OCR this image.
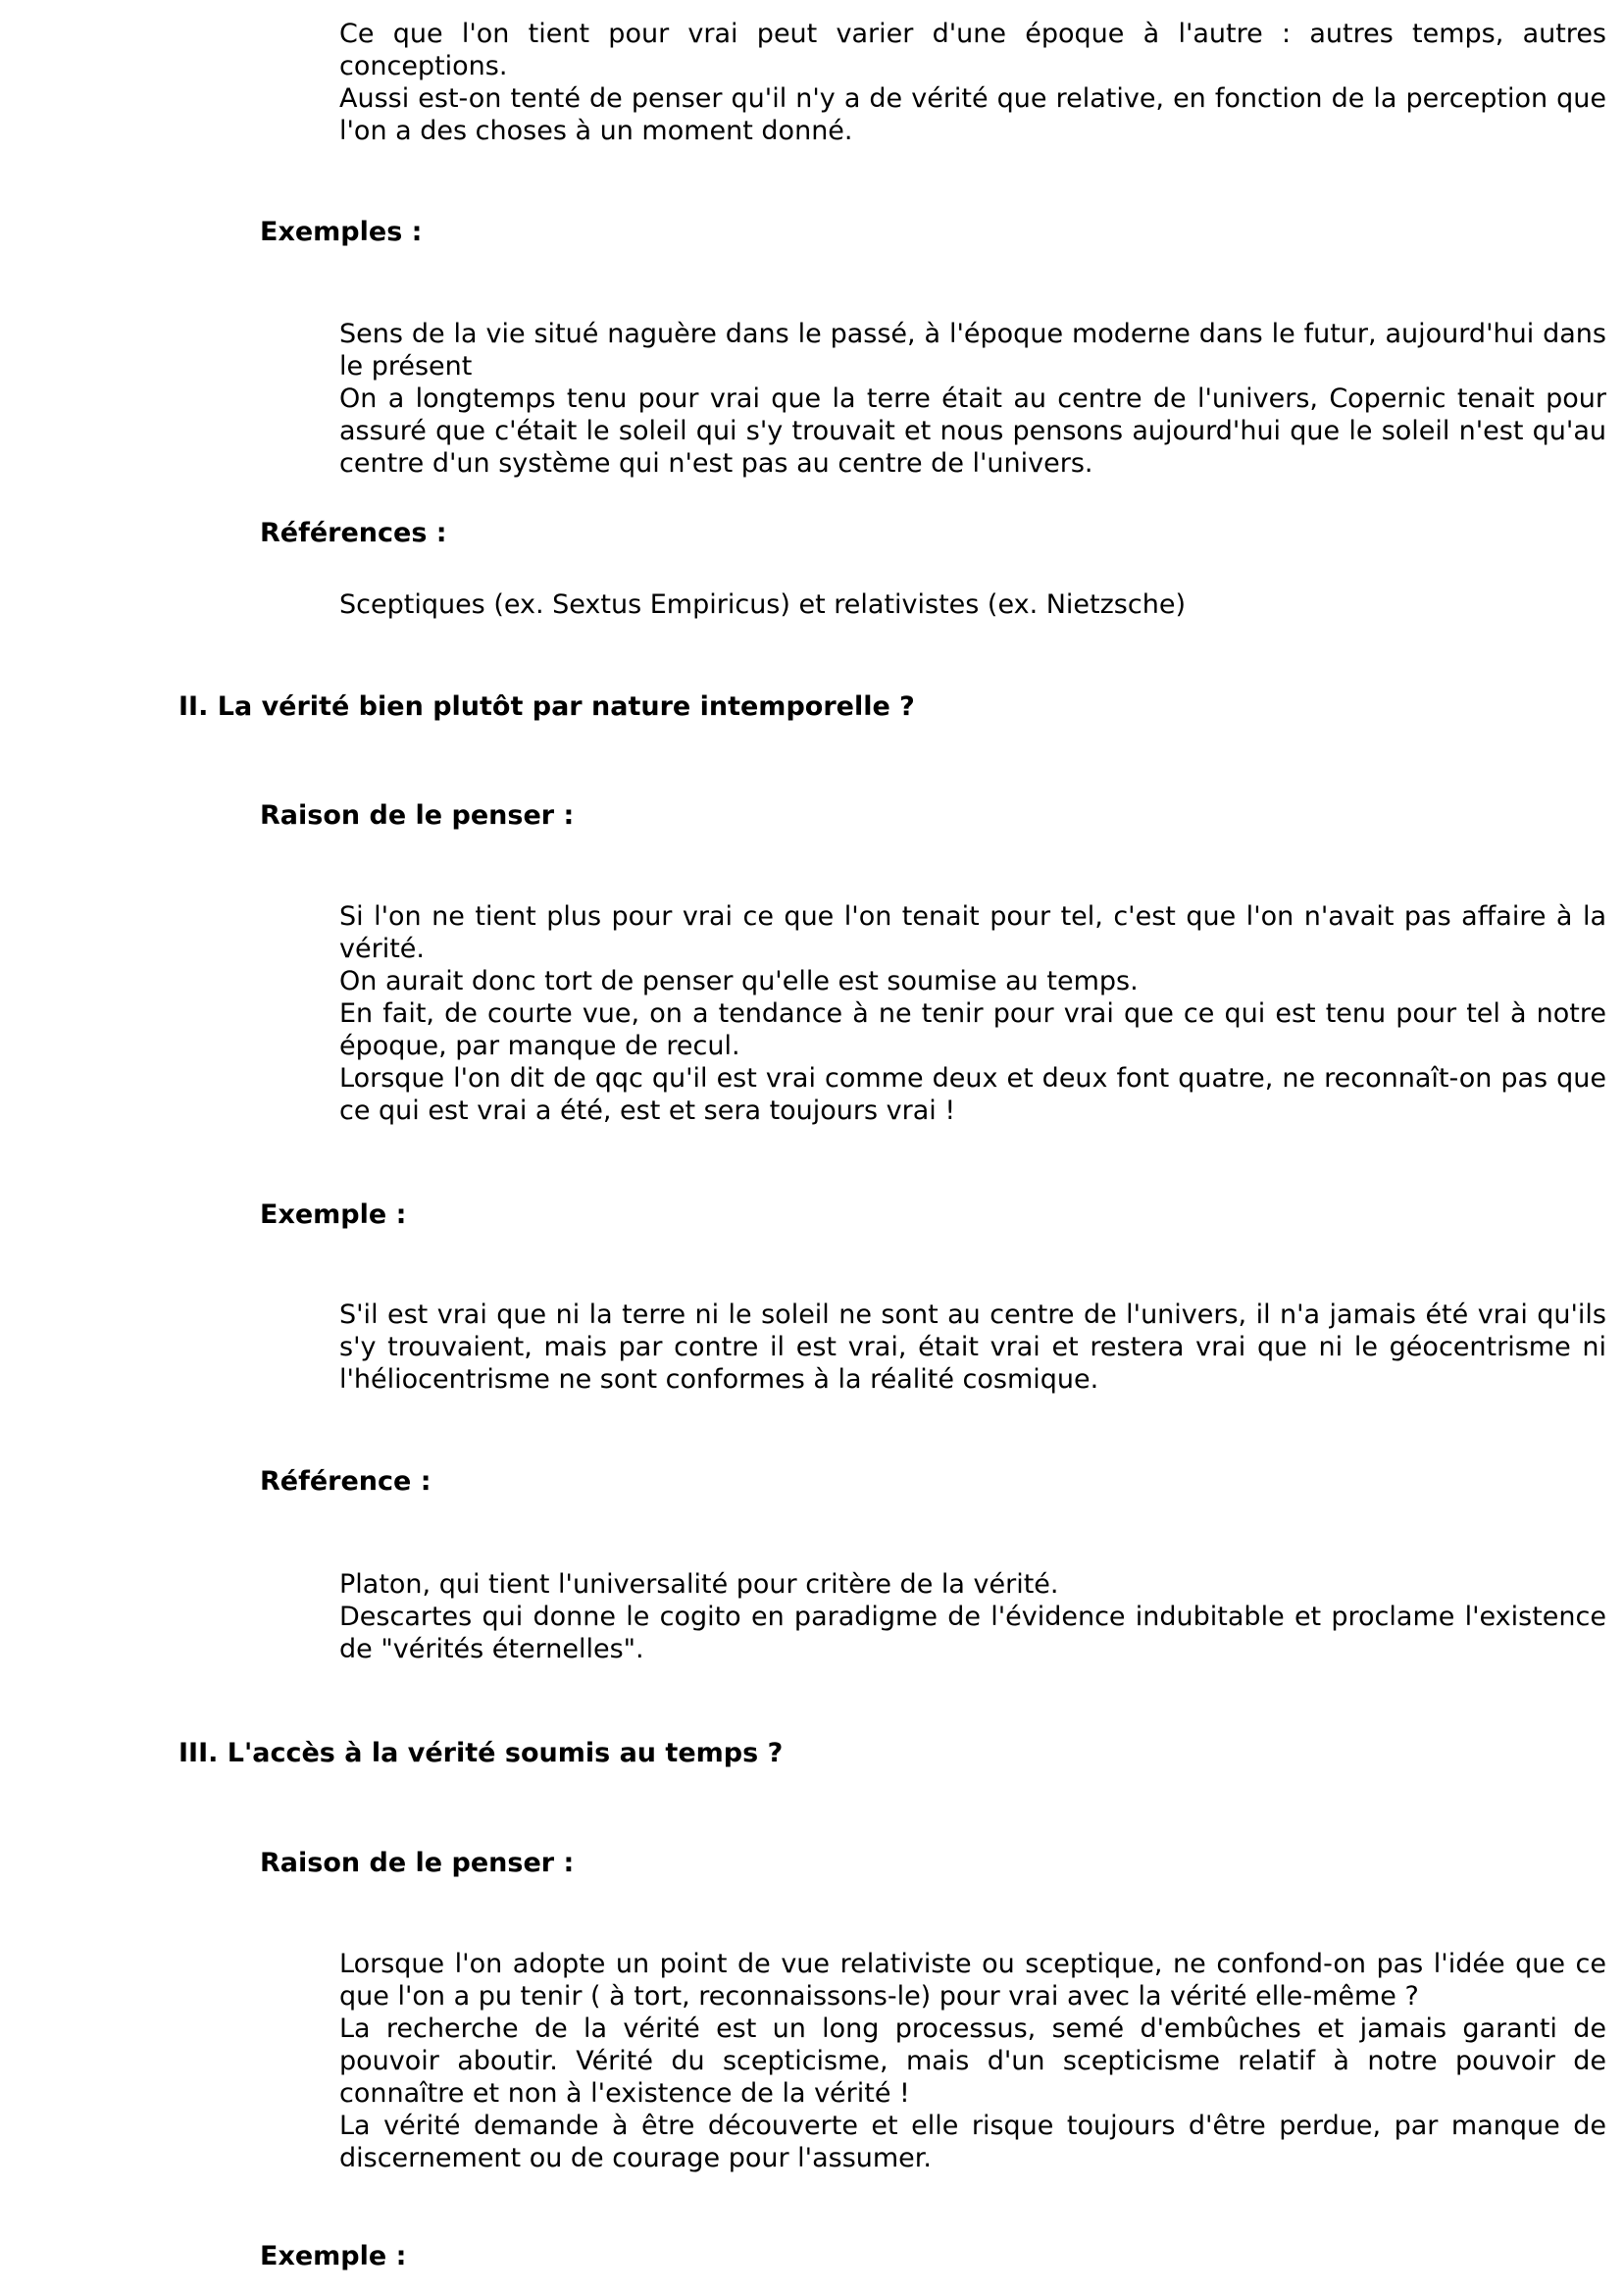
Ce que l'on tient pour vrai peut varier d'une époque à l'autre : autres temps, autres conceptions.
Aussi est-on tenté de penser qu'il n'y a de vérité que relative, en fonction de la perception que l'on a des choses à un moment donné.
Exemples :
Sens de la vie situé naguère dans le passé, à l'époque moderne dans le futur, aujourd'hui dans le présent
On a longtemps tenu pour vrai que la terre était au centre de l'univers, Copernic tenait pour assuré que c'était le soleil qui s'y trouvait et nous pensons aujourd'hui que le soleil n'est qu'au centre d'un système qui n'est pas au centre de l'univers.
Références :
Sceptiques (ex. Sextus Empiricus) et relativistes (ex. Nietzsche)
II. La vérité bien plutôt par nature intemporelle ?
Raison de le penser :
Si l'on ne tient plus pour vrai ce que l'on tenait pour tel, c'est que l'on n'avait pas affaire à la vérité.
On aurait donc tort de penser qu'elle est soumise au temps.
En fait, de courte vue, on a tendance à ne tenir pour vrai que ce qui est tenu pour tel à notre époque, par manque de recul.
Lorsque l'on dit de qqc qu'il est vrai comme deux et deux font quatre, ne reconnaît-on pas que ce qui est vrai a été, est et sera toujours vrai !
Exemple :
S'il est vrai que ni la terre ni le soleil ne sont au centre de l'univers, il n'a jamais été vrai qu'ils s'y trouvaient, mais par contre il est vrai, était vrai et restera vrai que ni le géocentrisme ni l'héliocentrisme ne sont conformes à la réalité cosmique.
Référence :
Platon, qui tient l'universalité pour critère de la vérité.
Descartes qui donne le cogito en paradigme de l'évidence indubitable et proclame l'existence de "vérités éternelles".
III. L'accès à la vérité soumis au temps ?
Raison de le penser :
Lorsque l'on adopte un point de vue relativiste ou sceptique, ne confond-on pas l'idée que ce que l'on a pu tenir ( à tort, reconnaissons-le) pour vrai avec la vérité elle-même ?
La recherche de la vérité est un long processus, semé d'embûches et jamais garanti de pouvoir aboutir. Vérité du scepticisme, mais d'un scepticisme relatif à notre pouvoir de connaître et non à l'existence de la vérité !
La vérité demande à être découverte et elle risque toujours d'être perdue, par manque de discernement ou de courage pour l'assumer.
Exemple :
